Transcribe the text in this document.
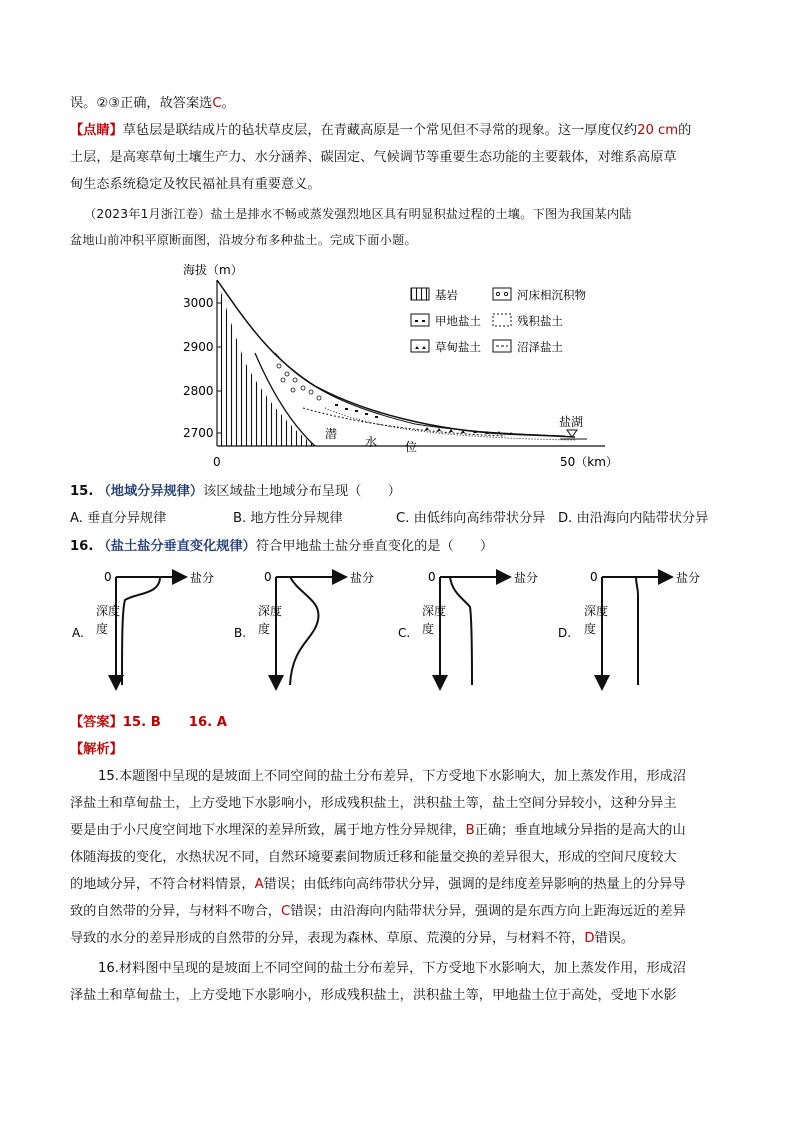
误。②③正确，故答案选C。
【点睛】草毡层是联结成片的毡状草皮层，在青藏高原是一个常见但不寻常的现象。这一厚度仅约20 cm的
土层，是高寒草甸土壤生产力、水分涵养、碳固定、气候调节等重要生态功能的主要载体，对维系高原草
甸生态系统稳定及牧民福祉具有重要意义。
（2023年1月浙江卷）盐土是排水不畅或蒸发强烈地区具有明显积盐过程的土壤。下图为我国某内陆
盆地山前冲积平原断面图，沿坡分布多种盐土。完成下面小题。
海拔（m）
3000
2900
2800
2700
0	50（km）
潜
水 位
盐湖
基岩	河床相沉积物
甲地盐土	残积盐土
草甸盐土	沼泽盐土
15. （地域分异规律）该区域盐土地域分布呈现（　　）
A. 垂直分异规律	B. 地方性分异规律	C. 由低纬向高纬带状分异 D. 由沿海向内陆带状分异
16. （盐土盐分垂直变化规律）符合甲地盐土盐分垂直变化的是（　　）
A.
0	盐分
深度
度	B.
0	盐分
深度
度	C.
0	盐分
深度
度	D.
0	盐分
深度
度
【答案】15. B 16. A
【解析】
15.本题图中呈现的是坡面上不同空间的盐土分布差异，下方受地下水影响大，加上蒸发作用，形成沼
泽盐土和草甸盐土，上方受地下水影响小，形成残积盐土，洪积盐土等，盐土空间分异较小，这种分异主
要是由于小尺度空间地下水埋深的差异所致，属于地方性分异规律，B正确；垂直地域分异指的是高大的山
体随海拔的变化，水热状况不同，自然环境要素间物质迁移和能量交换的差异很大，形成的空间尺度较大
的地域分异，不符合材料情景，A错误；由低纬向高纬带状分异，强调的是纬度差异影响的热量上的分异导
致的自然带的分异，与材料不吻合，C错误；由沿海向内陆带状分异，强调的是东西方向上距海远近的差异
导致的水分的差异形成的自然带的分异，表现为森林、草原、荒漠的分异，与材料不符，D错误。
16.材料图中呈现的是坡面上不同空间的盐土分布差异，下方受地下水影响大，加上蒸发作用，形成沼
泽盐土和草甸盐土，上方受地下水影响小，形成残积盐土，洪积盐土等，甲地盐土位于高处，受地下水影
